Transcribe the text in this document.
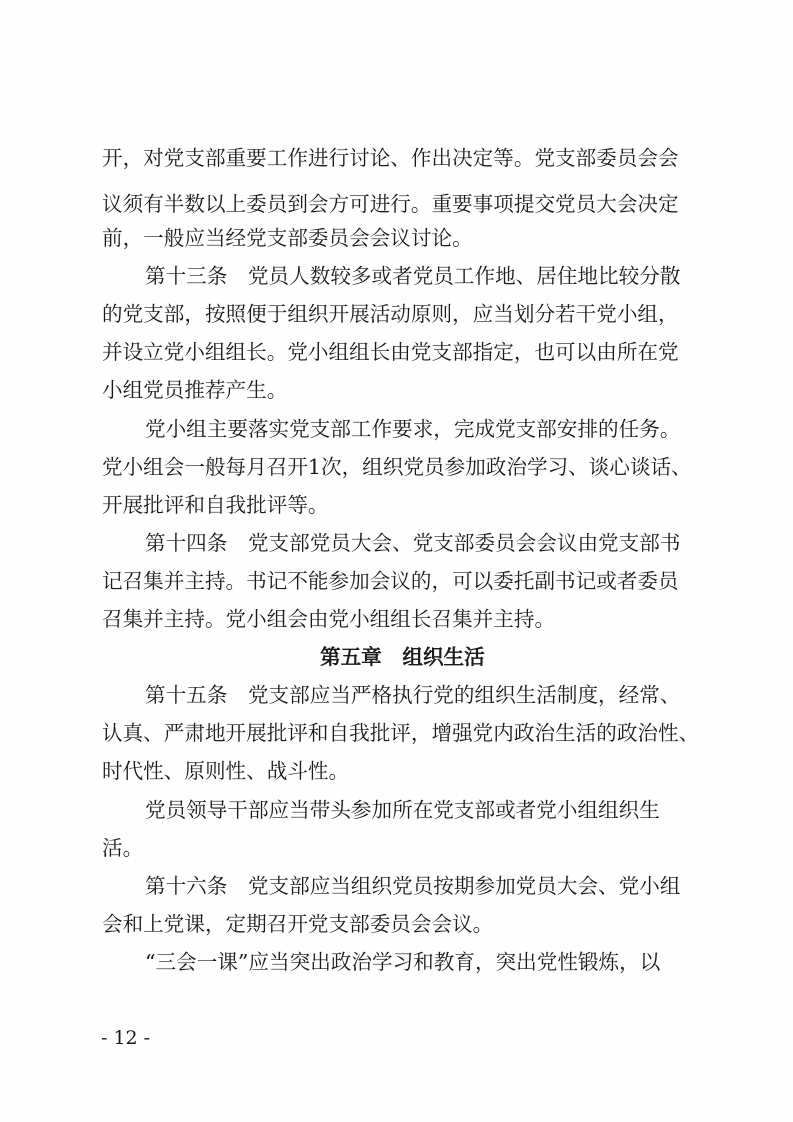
开，对党支部重要工作进行讨论、作出决定等。党支部委员会会
议须有半数以上委员到会方可进行。重要事项提交党员大会决定
前，一般应当经党支部委员会会议讨论。
第十三条　党员人数较多或者党员工作地、居住地比较分散
的党支部，按照便于组织开展活动原则，应当划分若干党小组，
并设立党小组组长。党小组组长由党支部指定，也可以由所在党
小组党员推荐产生。
党小组主要落实党支部工作要求，完成党支部安排的任务。
党小组会一般每月召开1次，组织党员参加政治学习、谈心谈话、
开展批评和自我批评等。
第十四条　党支部党员大会、党支部委员会会议由党支部书
记召集并主持。书记不能参加会议的，可以委托副书记或者委员
召集并主持。党小组会由党小组组长召集并主持。
第五章　组织生活
第十五条　党支部应当严格执行党的组织生活制度，经常、
认真、严肃地开展批评和自我批评，增强党内政治生活的政治性、
时代性、原则性、战斗性。
党员领导干部应当带头参加所在党支部或者党小组组织生
活。
第十六条　党支部应当组织党员按期参加党员大会、党小组
会和上党课，定期召开党支部委员会会议。
“三会一课”应当突出政治学习和教育，突出党性锻炼，以
- 12 -
